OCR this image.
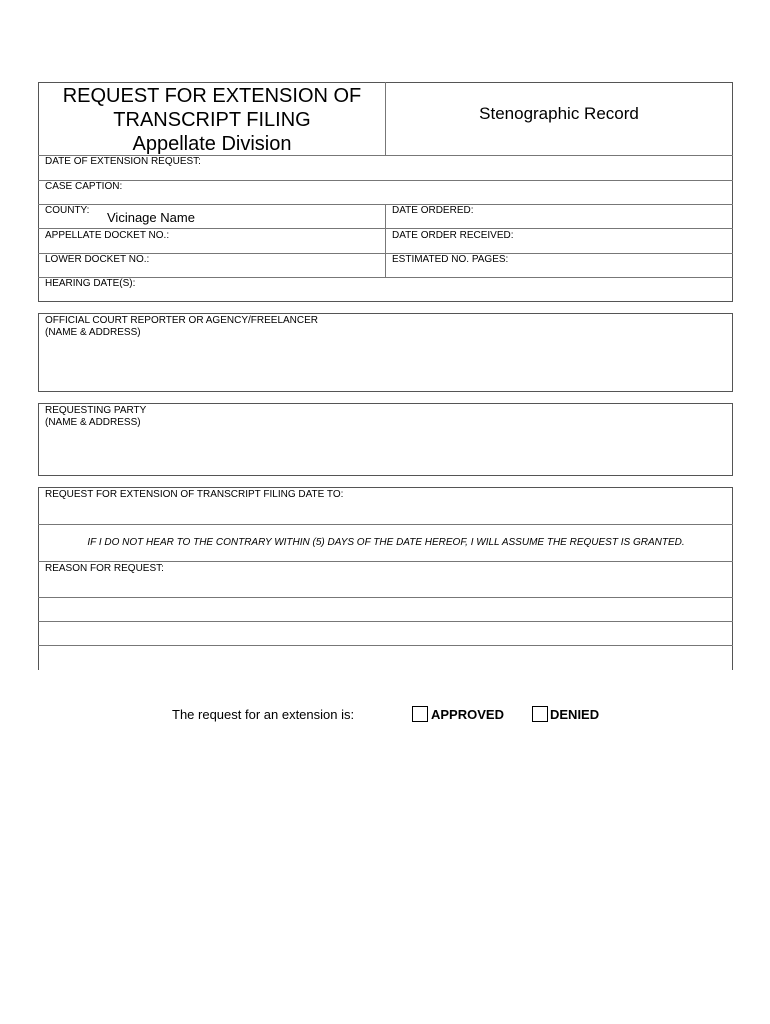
REQUEST FOR EXTENSION OF
TRANSCRIPT FILING
Appellate Division
Stenographic Record
DATE OF EXTENSION REQUEST:
CASE CAPTION:
COUNTY: Vicinage Name	DATE ORDERED:
APPELLATE DOCKET NO.:	DATE ORDER RECEIVED:
LOWER DOCKET NO.:	ESTIMATED NO. PAGES:
HEARING DATE(S):
OFFICIAL COURT REPORTER OR AGENCY/FREELANCER
(NAME & ADDRESS)
REQUESTING PARTY
(NAME & ADDRESS)
REQUEST FOR EXTENSION OF TRANSCRIPT FILING DATE TO:
IF I DO NOT HEAR TO THE CONTRARY WITHIN (5) DAYS OF THE DATE HEREOF, I WILL ASSUME THE REQUEST IS GRANTED.
REASON FOR REQUEST:
The request for an extension is:	APPROVED	DENIED
